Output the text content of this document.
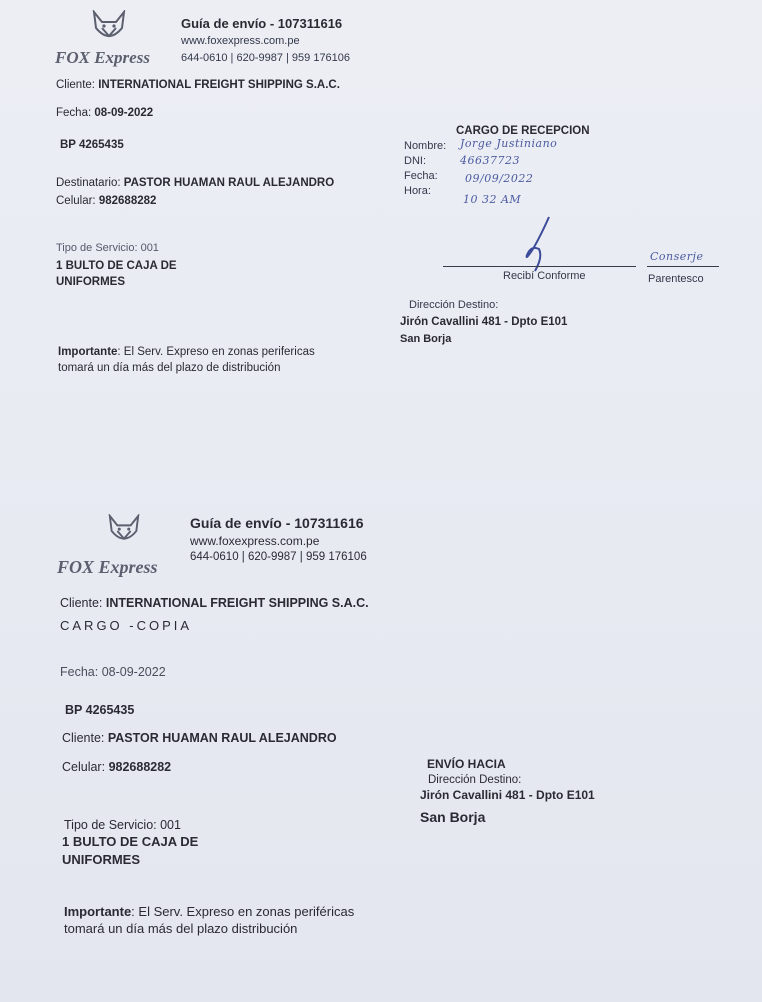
FOX Express
Guía de envío - 107311616
www.foxexpress.com.pe
644-0610 | 620-9987 | 959 176106
Cliente: INTERNATIONAL FREIGHT SHIPPING S.A.C.
Fecha: 08-09-2022
BP 4265435
Destinatario: PASTOR HUAMAN RAUL ALEJANDRO
Celular: 982688282
Tipo de Servicio: 001
1 BULTO DE CAJA DE
UNIFORMES
Importante: El Serv. Expreso en zonas perifericas
tomará un día más del plazo de distribución
CARGO DE RECEPCION
Nombre: Jorge Justiniano
DNI:	46637723
Fecha: 09/09/2022
Hora:
10 32 AM
Recibí Conforme
Conserje
Parentesco
Dirección Destino:
Jirón Cavallini 481 - Dpto E101
San Borja
FOX Express
Guía de envío - 107311616
www.foxexpress.com.pe
644-0610 | 620-9987 | 959 176106
Cliente: INTERNATIONAL FREIGHT SHIPPING S.A.C.
CARGO -COPIA
Fecha: 08-09-2022
BP 4265435
Cliente: PASTOR HUAMAN RAUL ALEJANDRO
Celular: 982688282	ENVÍO HACIA
Dirección Destino:
Jirón Cavallini 481 - Dpto E101
San Borja
Tipo de Servicio: 001
1 BULTO DE CAJA DE
UNIFORMES
Importante: El Serv. Expreso en zonas periféricas
tomará un día más del plazo distribución
